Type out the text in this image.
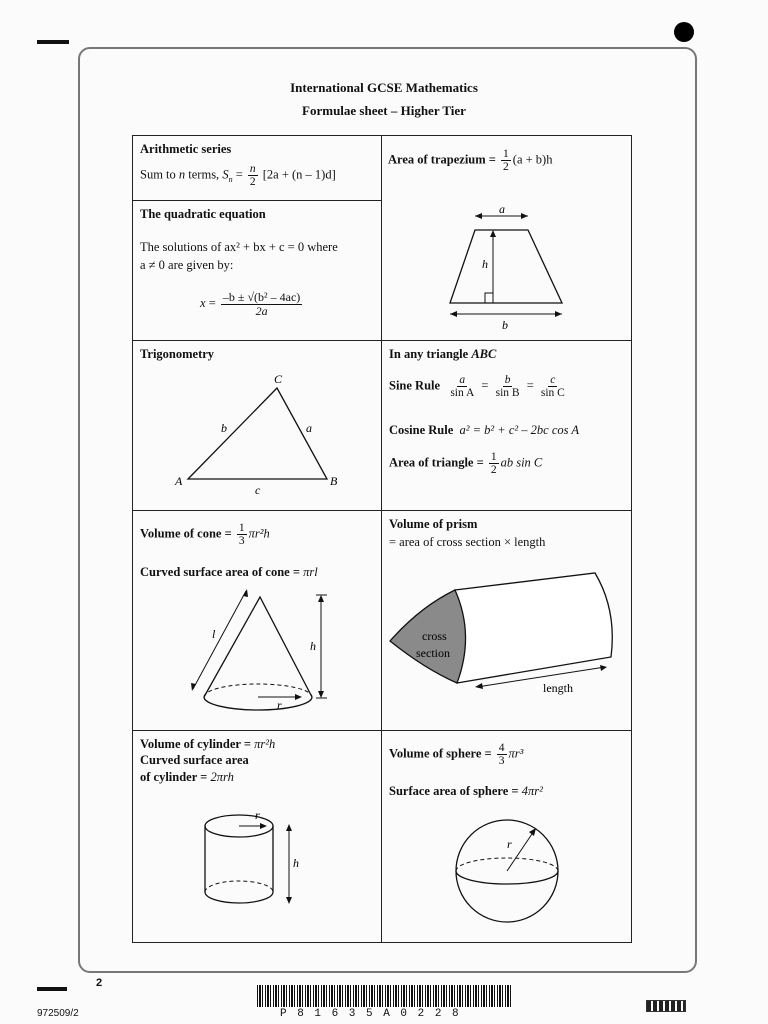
International GCSE Mathematics
Formulae sheet – Higher Tier
Arithmetic series
Sum to n terms, $S_n = \frac{n}{2} [2a + (n - 1)d]$
Area of trapezium = $\frac{1}{2} (a + b)h$
a
h
b
The quadratic equation
The solutions of ax² + bx + c = 0 where
a ≠ 0 are given by:
$x = \frac{\text{–b ± √(b² – 4ac)}}{2a}$
Trigonometry
C
A	B
b	a
c
In any triangle ABC
Sine Rule $\frac{a}{\text{sin A}} = \frac{b}{\text{sin B}} = \frac{c}{\text{sin C}}$
Cosine Rule a² = b² + c² – 2bc cos A
Area of triangle = $\frac{1}{2}$ ab sin C
Volume of cone = $\frac{1}{3} \pi r^2h$
Curved surface area of cone = πrl
l
h
r
Volume of prism
= area of cross section × length
cross
section
length
Volume of cylinder = πr²h
Curved surface area
of cylinder = 2πrh
r
h
Volume of sphere = $\frac{4}{3} \pi r^3$
Surface area of sphere = 4πr²
r
2
972509/2	P 8 1 6 3 5 A 0 2 2 8
